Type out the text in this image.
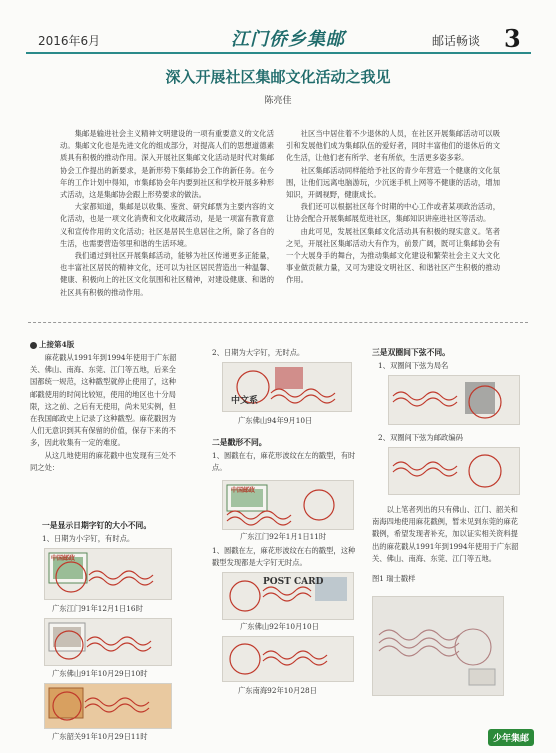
2016年6月	江门侨乡集邮	邮话畅谈 3
深入开展社区集邮文化活动之我见
陈亮佳

集邮是输进社会主义精神文明建设的一项有重要意义的文化活动。集邮文化也是先进文化的组成部分，对提高人们的思想道德素质具有积极的推动作用。深入开展社区集邮文化活动是时代对集邮协会工作提出的新要求，是新形势下集邮协会工作的新任务。在今年的工作计划中得知，市集邮协会年内要到社区和学校开展多种形式活动，这是集邮协会跟上形势要求的做法。

大家都知道，集邮是以收集、鉴赏、研究邮票为主要内容的文化活动，也是一项文化消费和文化收藏活动，是是一项富有教育意义和宣传作用的文化活动；社区是居民生息居住之所，除了各自的生活，也需要营造邻里和谐的生活环境。

我们通过到社区开展集邮活动，能够为社区传递更多正能量，也丰富社区居民的精神文化，还可以为社区居民营造出一种温馨、健康、积极向上的社区文化氛围和社区精神，对建设健康、和谐的社区具有积极的推动作用。

社区当中居住着不少退休的人员，在社区开展集邮活动可以吸引和发展他们成为集邮队伍的爱好者，同时丰富他们的退休后的文化生活，让他们老有所学、老有所依，生活更多姿多彩。

社区集邮活动同样能给予社区的青少年营造一个健康的文化氛围，让他们远离电脑游玩，少沉迷手机上网等不健康的活动，增加知识，开阔视野，健康成长。

我们还可以根据社区每个时期的中心工作或者某项政治活动，让协会配合开展集邮展览进社区，集邮知识讲座进社区等活动。

由此可见，发展社区集邮文化活动具有积极的现实意义。笔者之见，开展社区集邮活动大有作为，前景广阔，既可让集邮协会有一个大展身手的舞台，为推动集邮文化建设和繁荣社会主义大文化事业做贡献力量，又可为建设文明社区、和谐社区产生积极的推动作用。

上接第4版

麻花戳从1991年到1994年使用于广东韶关、佛山、南海、东莞、江门等五地，后来全国都统一规范，这种戳型就停止使用了，这种邮戳使用的时间比较短，使用的地区也十分局限，这之前、之后有无使用，尚未见实例，但在我国邮政史上记录了这种戳型。麻花戳因为人们无意识到其有保留的价值，保存下来的不多，因此收集有一定的难度。

从这几地使用的麻花戳中也发现有三处不同之处：

一是显示日期字钉的大小不同。
1、日期为小字钉，有时点。
中国邮政
广东江门91年12月1日16时
广东佛山91年10月29日10时
广东韶关91年10月29日11时
2、日期为大字钉，无时点。
中文系
广东佛山94年9月10日
二是戳形不同。
1、圆戳在右，麻花形波纹在左的戳型，有时点。
中国邮政
广东江门92年1月1日11时
1、圆戳在左，麻花形波纹在右的戳型，这种戳型发现都是大字钉无时点。
POST CARD
广东佛山92年10月10日
广东南海92年10月28日
三是双圈间下弦不同。
1、双圈间下弦为局名
2、双圈间下弦为邮政编码

以上笔者列出的只有佛山、江门、韶关和南海四地使用麻花戳例，暂未见到东莞的麻花戳例，希望发现者补充，加以证实相关资料提出的麻花戳从1991年到1994年使用于广东韶关、佛山、南海、东莞、江门等五地。

图1 瑞士戳样
少年集邮
